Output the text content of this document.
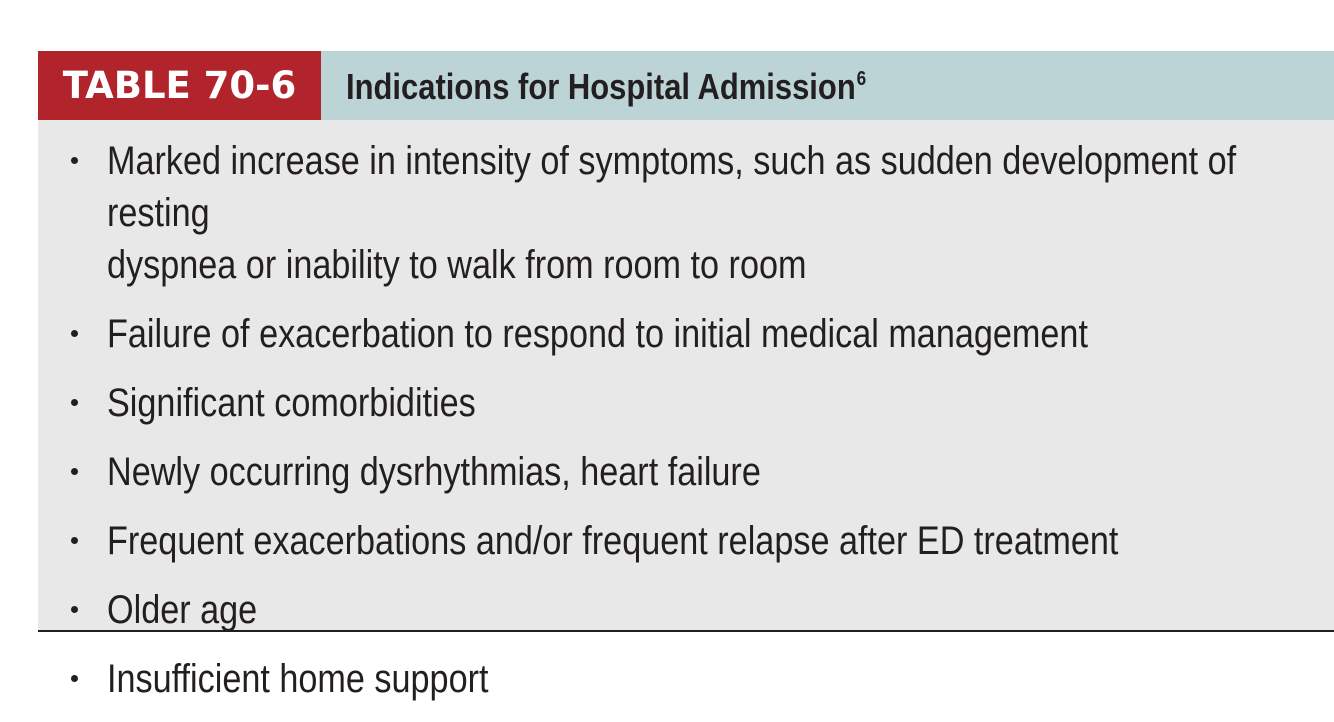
TABLE 70-6	Indications for Hospital Admission$^6$
Marked increase in intensity of symptoms, such as sudden development of resting
dyspnea or inability to walk from room to room
Failure of exacerbation to respond to initial medical management
Significant comorbidities
Newly occurring dysrhythmias, heart failure
Frequent exacerbations and/or frequent relapse after ED treatment
Older age
Insufficient home support
